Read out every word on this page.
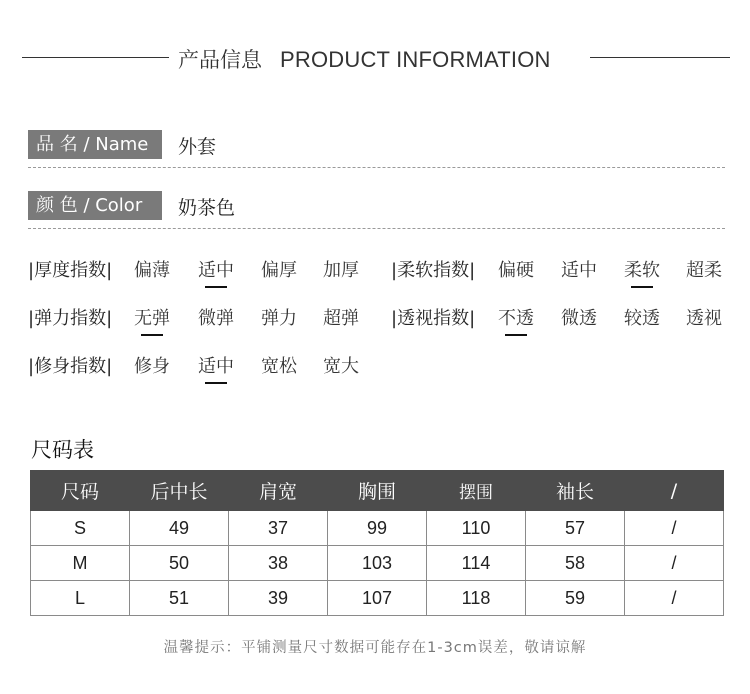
产品信息 PRODUCT INFORMATION
品 名 / Name	外套
颜 色 / Color	奶茶色
|厚度指数| 偏薄 适中 偏厚 加厚
|弹力指数| 无弹 微弹 弹力 超弹
|修身指数| 修身 适中 宽松 宽大
|柔软指数| 偏硬 适中 柔软 超柔
|透视指数| 不透 微透 较透 透视
尺码表
尺码	后中长	肩宽	胸围	摆围	袖长	/
S	49	37	99	110	57	/
M	50	38	103	114	58	/
L	51	39	107	118	59	/
温馨提示：平铺测量尺寸数据可能存在1-3cm误差，敬请谅解
